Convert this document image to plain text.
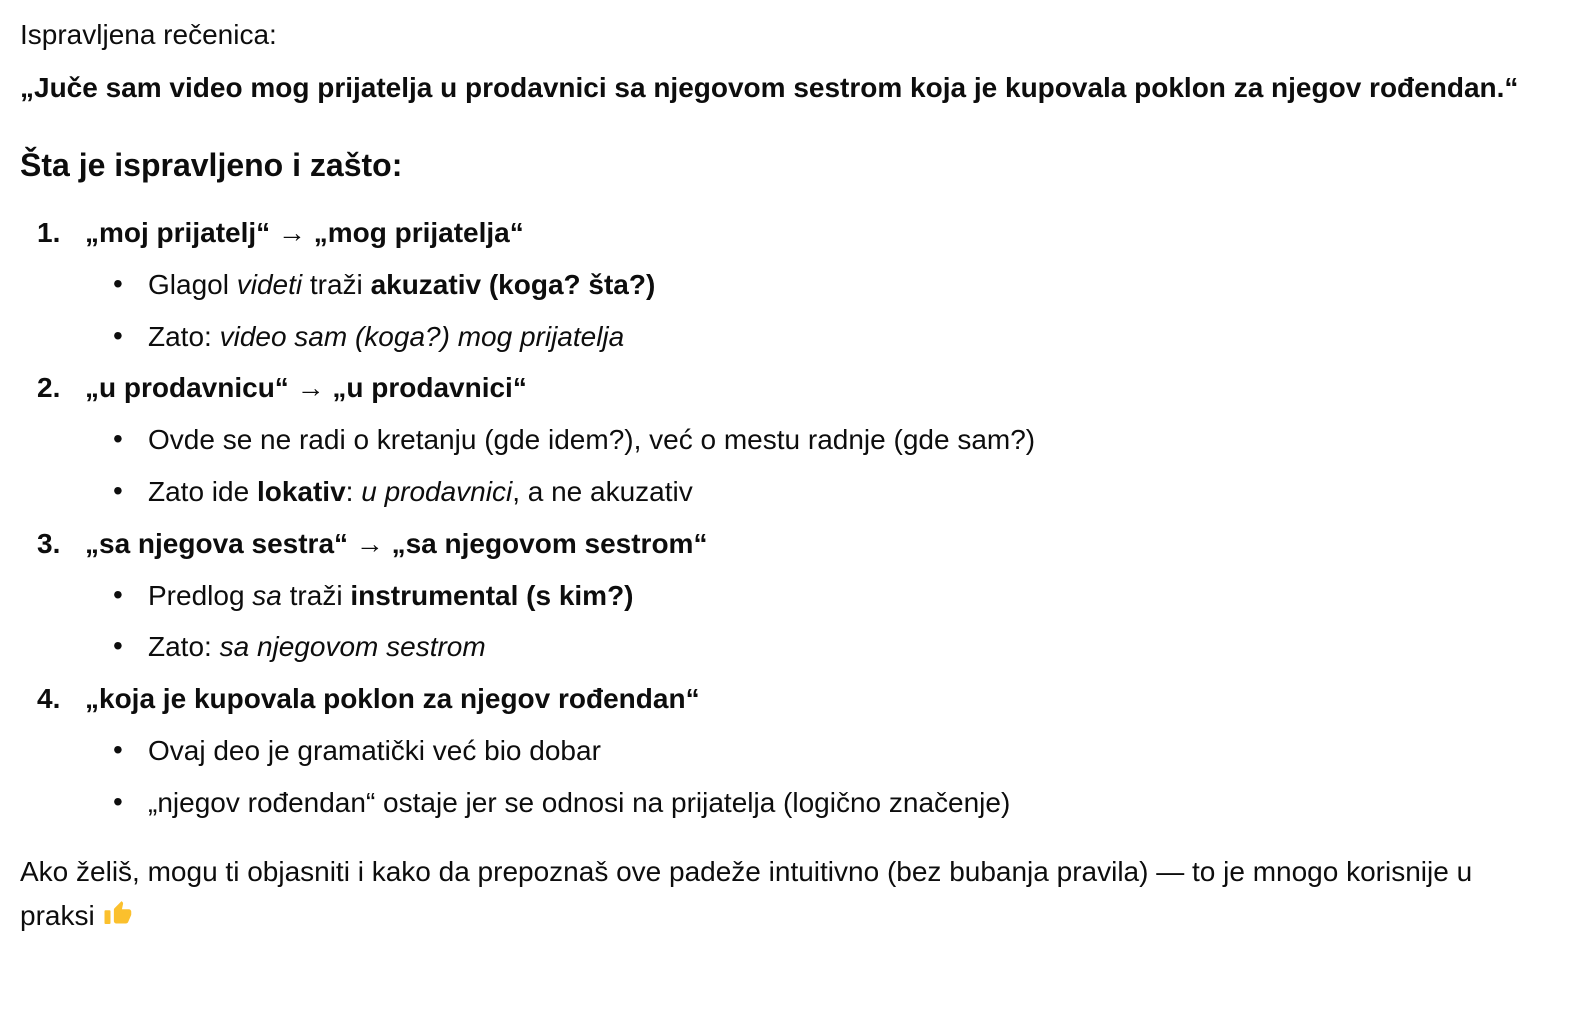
Ispravljena rečenica:

„Juče sam video mog prijatelja u prodavnici sa njegovom sestrom koja je kupovala poklon za njegov rođendan.“

Šta je ispravljeno i zašto:
1. „moj prijatelj“ → „mog prijatelja“
• Glagol videti traži akuzativ (koga? šta?)
• Zato: video sam (koga?) mog prijatelja
2. „u prodavnicu“ → „u prodavnici“
• Ovde se ne radi o kretanju (gde idem?), već o mestu radnje (gde sam?)
• Zato ide lokativ: u prodavnici, a ne akuzativ
3. „sa njegova sestra“ → „sa njegovom sestrom“
• Predlog sa traži instrumental (s kim?)
• Zato: sa njegovom sestrom
4. „koja je kupovala poklon za njegov rođendan“
• Ovaj deo je gramatički već bio dobar
• „njegov rođendan“ ostaje jer se odnosi na prijatelja (logično značenje)

Ako želiš, mogu ti objasniti i kako da prepoznaš ove padeže intuitivno (bez bubanja pravila) — to je mnogo korisnije u praksi
